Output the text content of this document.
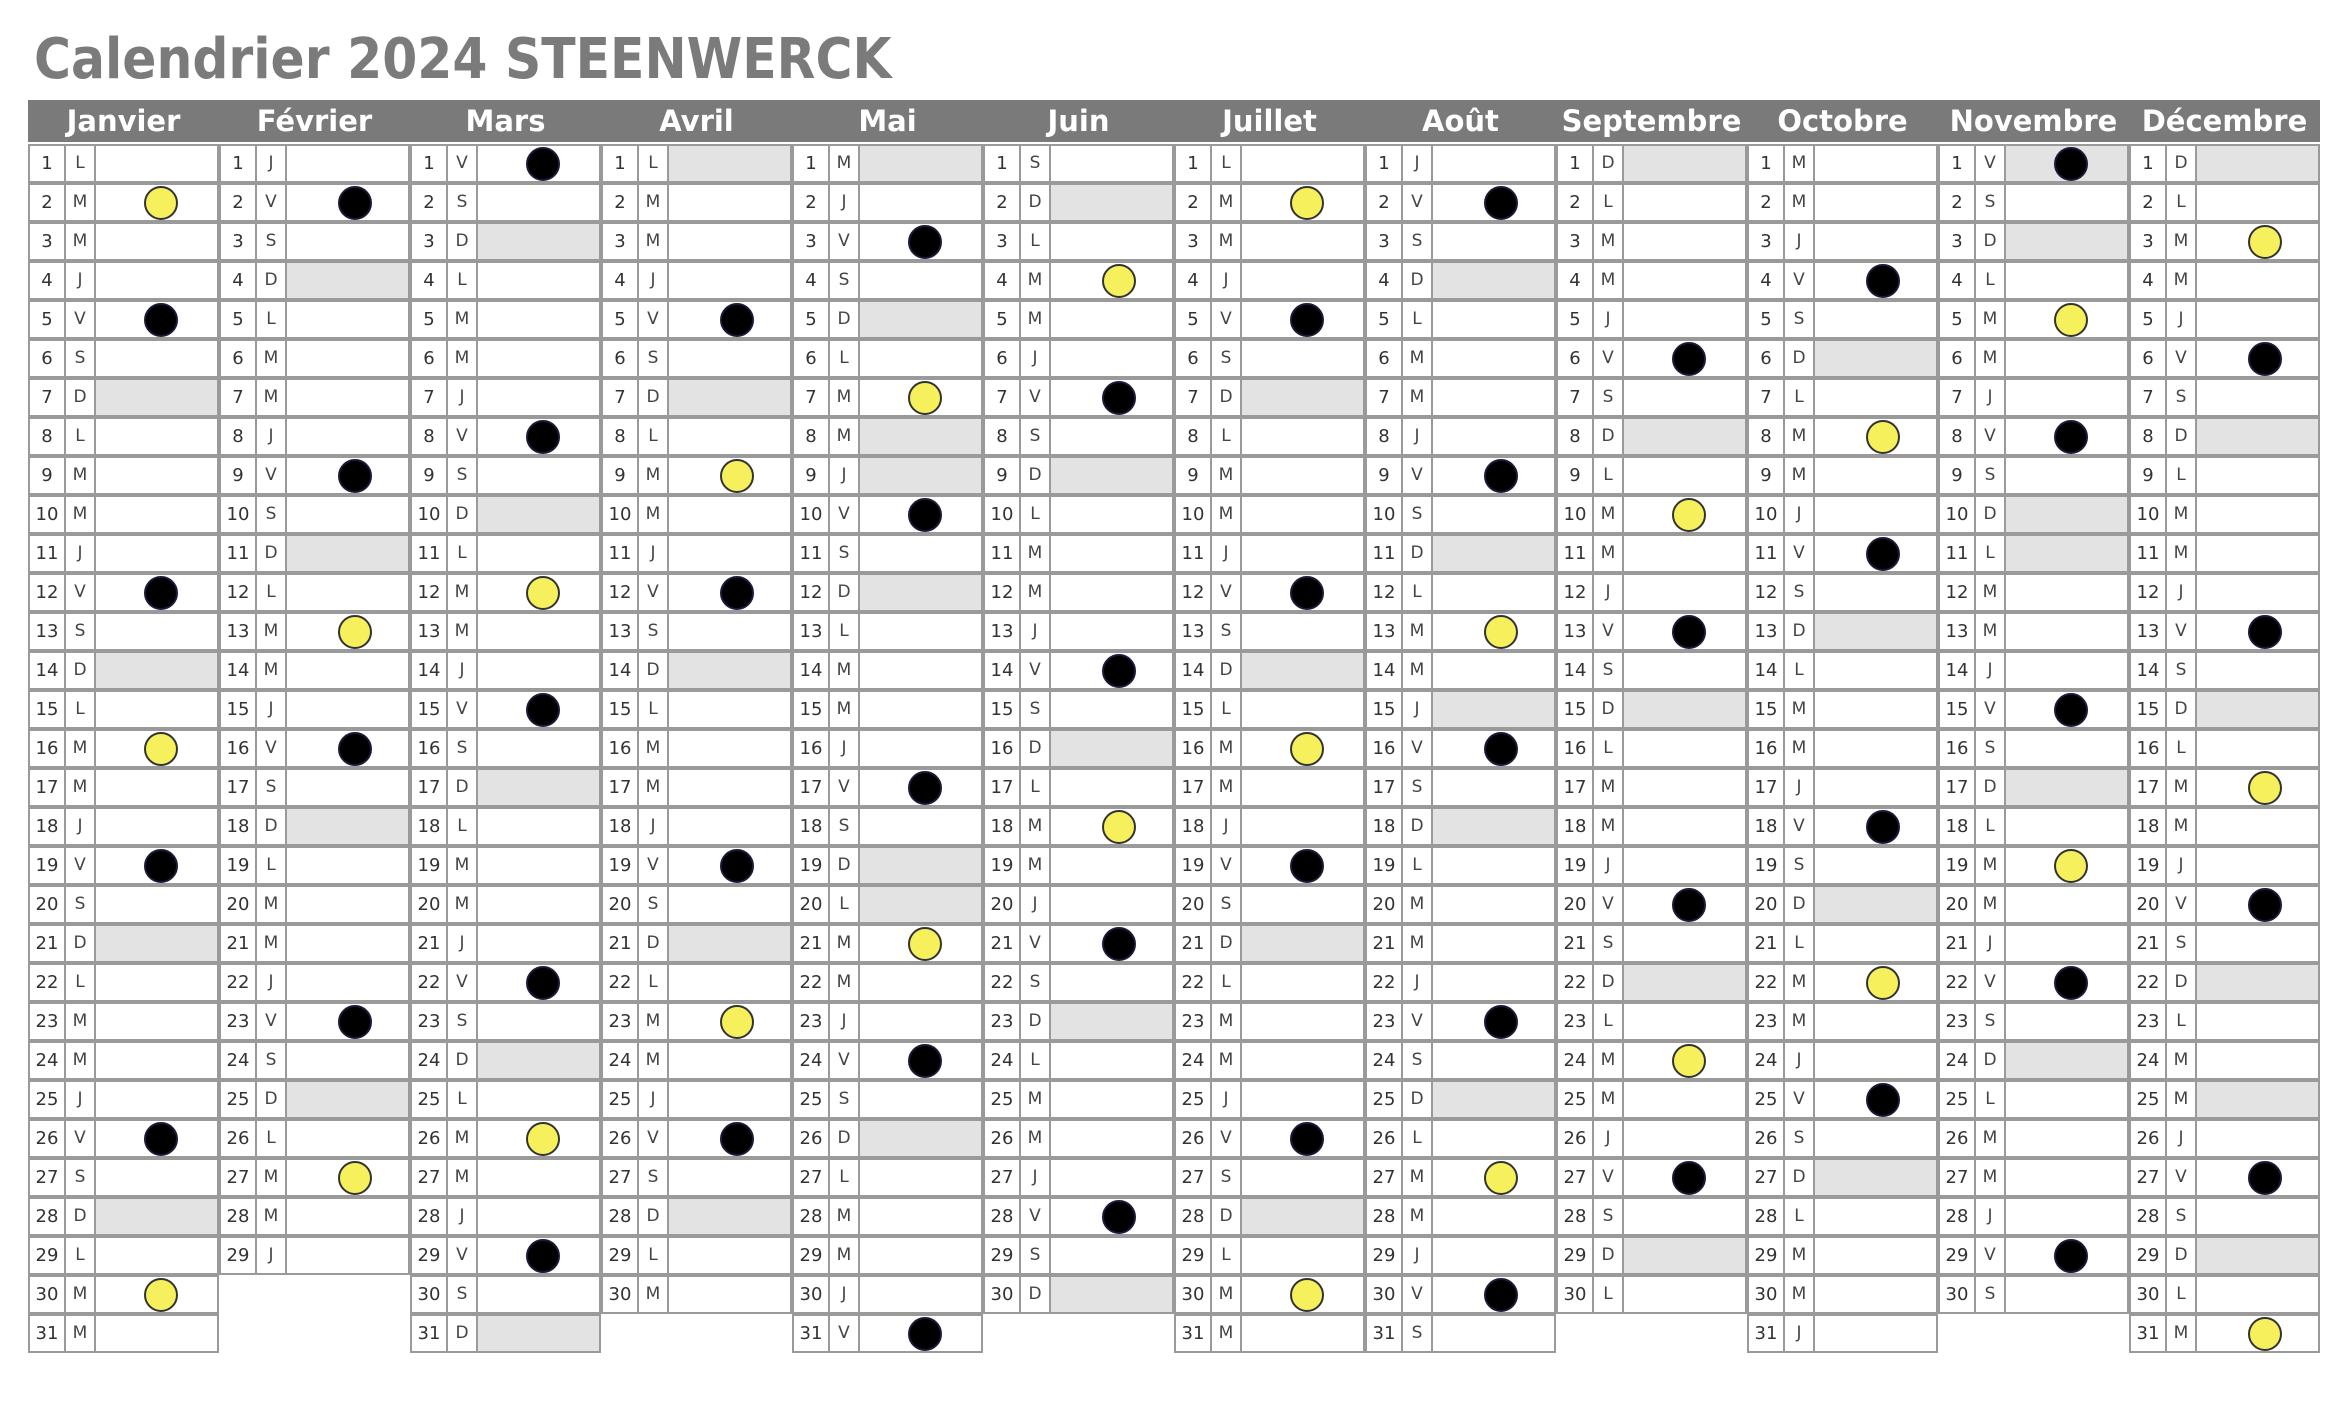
Calendrier 2024 STEENWERCK
Janvier
1	L
2	M
3	M
4	J
5	V
6	S
7	D
8	L
9	M
10 M
11	J
12 V
13 S
14 D
15 L
16 M
17 M
18	J
19 V
20 S
21 D
22 L
23 M
24 M
25	J
26 V
27 S
28 D
29 L
30 M
31 M
Février
1	J
2	V
3	S
4	D
5	L
6	M
7	M
8	J
9	V
10 S
11 D
12 L
13 M
14 M
15	J
16 V
17 S
18 D
19 L
20 M
21 M
22	J
23 V
24 S
25 D
26 L
27 M
28 M
29	J
Mars
1	V
2	S
3	D
4	L
5	M
6	M
7	J
8	V
9	S
10 D
11 L
12 M
13 M
14	J
15 V
16 S
17 D
18 L
19 M
20 M
21	J
22 V
23 S
24 D
25 L
26 M
27 M
28	J
29 V
30 S
31 D
Avril
1	L
2	M
3	M
4	J
5	V
6	S
7	D
8	L
9	M
10 M
11	J
12 V
13 S
14 D
15 L
16 M
17 M
18	J
19 V
20 S
21 D
22 L
23 M
24 M
25	J
26 V
27 S
28 D
29 L
30 M
Mai
1	M
2	J
3	V
4	S
5	D
6	L
7	M
8	M
9	J
10 V
11 S
12 D
13 L
14 M
15 M
16	J
17 V
18 S
19 D
20 L
21 M
22 M
23	J
24 V
25 S
26 D
27 L
28 M
29 M
30	J
31 V
Juin
1	S
2	D
3	L
4	M
5	M
6	J
7	V
8	S
9	D
10 L
11 M
12 M
13	J
14 V
15 S
16 D
17 L
18 M
19 M
20	J
21 V
22 S
23 D
24 L
25 M
26 M
27	J
28 V
29 S
30 D
Juillet
1	L
2	M
3	M
4	J
5	V
6	S
7	D
8	L
9	M
10 M
11	J
12 V
13 S
14 D
15 L
16 M
17 M
18	J
19 V
20 S
21 D
22 L
23 M
24 M
25	J
26 V
27 S
28 D
29 L
30 M
31 M
Août
1	J
2	V
3	S
4	D
5	L
6	M
7	M
8	J
9	V
10 S
11 D
12 L
13 M
14 M
15	J
16 V
17 S
18 D
19 L
20 M
21 M
22	J
23 V
24 S
25 D
26 L
27 M
28 M
29	J
30 V
31 S
Septembre
1	D
2	L
3	M
4	M
5	J
6	V
7	S
8	D
9	L
10 M
11 M
12	J
13 V
14 S
15 D
16 L
17 M
18 M
19	J
20 V
21 S
22 D
23 L
24 M
25 M
26	J
27 V
28 S
29 D
30 L
Octobre
1	M
2	M
3	J
4	V
5	S
6	D
7	L
8	M
9	M
10	J
11 V
12 S
13 D
14 L
15 M
16 M
17	J
18 V
19 S
20 D
21 L
22 M
23 M
24	J
25 V
26 S
27 D
28 L
29 M
30 M
31	J
Novembre
1	V
2	S
3	D
4	L
5	M
6	M
7	J
8	V
9	S
10 D
11 L
12 M
13 M
14	J
15 V
16 S
17 D
18 L
19 M
20 M
21	J
22 V
23 S
24 D
25 L
26 M
27 M
28	J
29 V
30 S
Décembre
1	D
2	L
3	M
4	M
5	J
6	V
7	S
8	D
9	L
10 M
11 M
12	J
13 V
14 S
15 D
16 L
17 M
18 M
19	J
20 V
21 S
22 D
23 L
24 M
25 M
26	J
27 V
28 S
29 D
30 L
31 M
